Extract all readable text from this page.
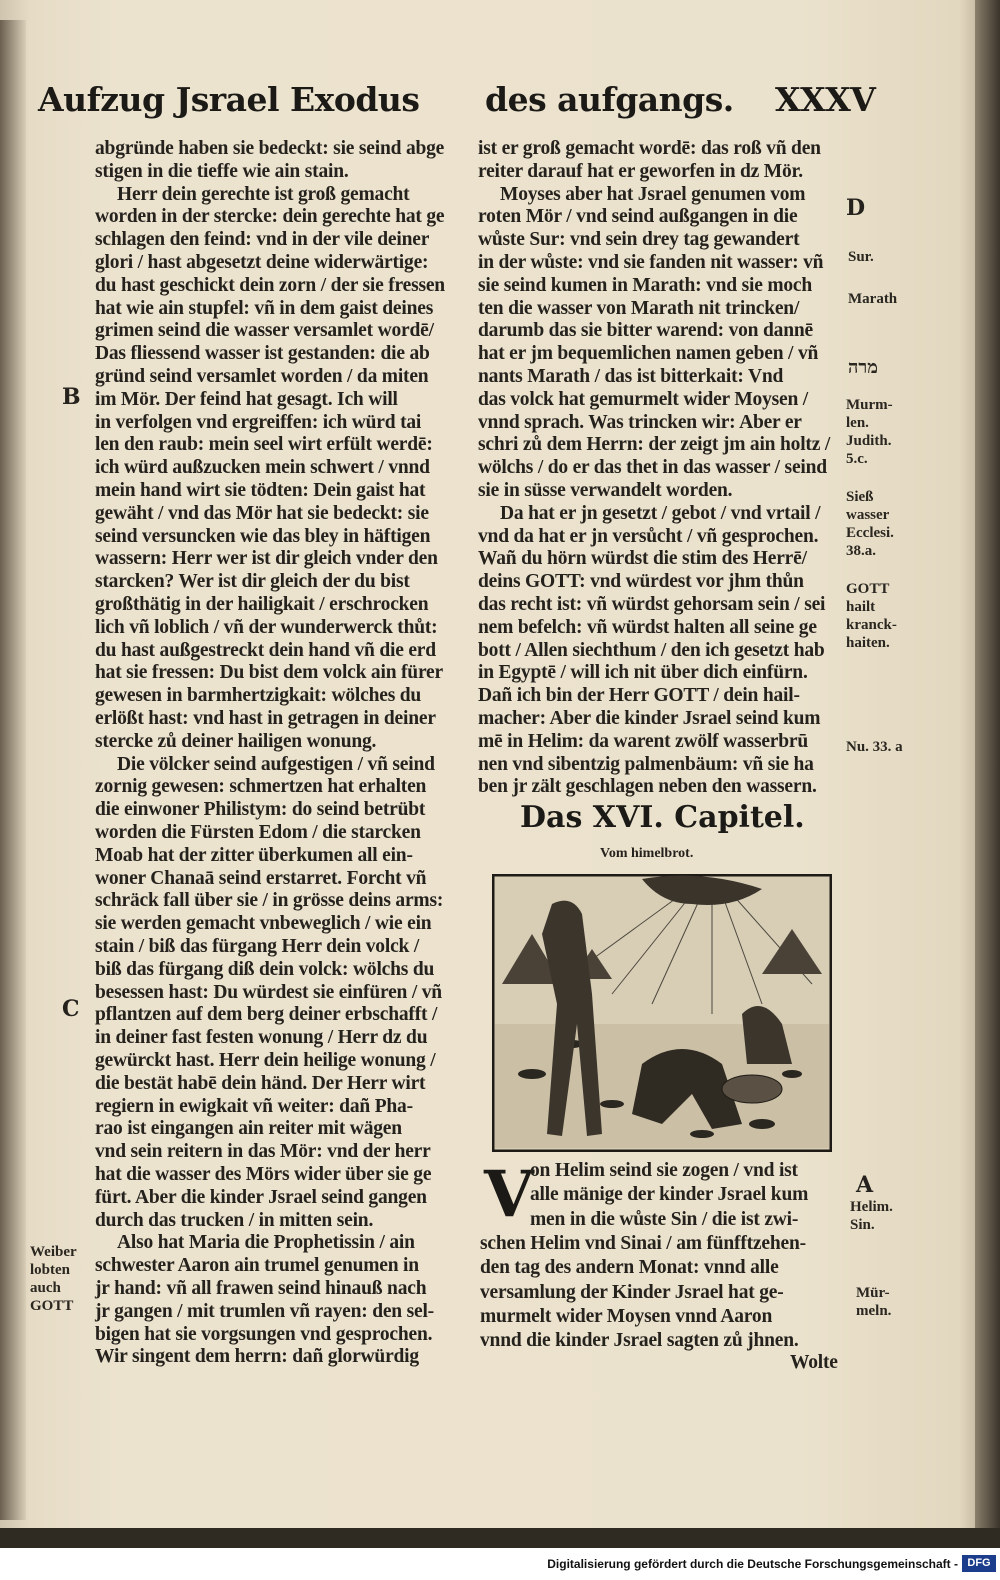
Aufzug Jsrael Exodus des aufgangs. XXXV
abgründe haben sie bedeckt: sie seind abge
stigen in die tieffe wie ain stain.
Herr dein gerechte ist groß gemacht
worden in der stercke: dein gerechte hat ge
schlagen den feind: vnd in der vile deiner
glori / hast abgesetzt deine widerwärtige:
du hast geschickt dein zorn / der sie fressen
hat wie ain stupfel: vñ in dem gaist deines
grimen seind die wasser versamlet wordē/
Das fliessend wasser ist gestanden: die ab
gründ seind versamlet worden / da miten
im Mör. Der feind hat gesagt. Ich will
in verfolgen vnd ergreiffen: ich würd tai
len den raub: mein seel wirt erfült werdē:
ich würd außzucken mein schwert / vnnd
mein hand wirt sie tödten: Dein gaist hat
gewäht / vnd das Mör hat sie bedeckt: sie
seind versuncken wie das bley in häftigen
wassern: Herr wer ist dir gleich vnder den
starcken? Wer ist dir gleich der du bist
großthätig in der hailigkait / erschrocken
lich vñ loblich / vñ der wunderwerck thůt:
du hast außgestreckt dein hand vñ die erd
hat sie fressen: Du bist dem volck ain fürer
gewesen in barmhertzigkait: wölches du
erlößt hast: vnd hast in getragen in deiner
stercke zů deiner hailigen wonung.
Die völcker seind aufgestigen / vñ seind
zornig gewesen: schmertzen hat erhalten
die einwoner Philistym: do seind betrübt
worden die Fürsten Edom / die starcken
Moab hat der zitter überkumen all ein-
woner Chanaā seind erstarret. Forcht vñ
schräck fall über sie / in grösse deins arms:
sie werden gemacht vnbeweglich / wie ein
stain / biß das fürgang Herr dein volck /
biß das fürgang diß dein volck: wölchs du
besessen hast: Du würdest sie einfüren / vñ
pflantzen auf dem berg deiner erbschafft /
in deiner fast festen wonung / Herr dz du
gewürckt hast. Herr dein heilige wonung /
die bestät habē dein händ. Der Herr wirt
regiern in ewigkait vñ weiter: dañ Pha-
rao ist eingangen ain reiter mit wägen
vnd sein reitern in das Mör: vnd der herr
hat die wasser des Mörs wider über sie ge
fürt. Aber die kinder Jsrael seind gangen
durch das trucken / in mitten sein.
Also hat Maria die Prophetissin / ain
schwester Aaron ain trumel genumen in
jr hand: vñ all frawen seind hinauß nach
jr gangen / mit trumlen vñ rayen: den sel-
bigen hat sie vorgsungen vnd gesprochen.
Wir singent dem herrn: dañ glorwürdig
ist er groß gemacht wordē: das roß vñ den
reiter darauf hat er geworfen in dz Mör.
Moyses aber hat Jsrael genumen vom
roten Mör / vnd seind außgangen in die
wůste Sur: vnd sein drey tag gewandert
in der wůste: vnd sie fanden nit wasser: vñ
sie seind kumen in Marath: vnd sie moch
ten die wasser von Marath nit trincken/
darumb das sie bitter warend: von dannē
hat er jm bequemlichen namen geben / vñ
nants Marath / das ist bitterkait: Vnd
das volck hat gemurmelt wider Moysen /
vnnd sprach. Was trincken wir: Aber er
schri zů dem Herrn: der zeigt jm ain holtz /
wölchs / do er das thet in das wasser / seind
sie in süsse verwandelt worden.
Da hat er jn gesetzt / gebot / vnd vrtail /
vnd da hat er jn versůcht / vñ gesprochen.
Wañ du hörn würdst die stim des Herrē/
deins GOTT: vnd würdest vor jhm thůn
das recht ist: vñ würdst gehorsam sein / sei
nem befelch: vñ würdst halten all seine ge
bott / Allen siechthum / den ich gesetzt hab
in Egyptē / will ich nit über dich einfürn.
Dañ ich bin der Herr GOTT / dein hail-
macher: Aber die kinder Jsrael seind kum
mē in Helim: da warent zwölf wasserbrū
nen vnd sibentzig palmenbäum: vñ sie ha
ben jr zält geschlagen neben den wassern.
Das XVI. Capitel.
Vom himelbrot.
V
on Helim seind sie zogen / vnd ist
alle mänige der kinder Jsrael kum
men in die wůste Sin / die ist zwi-
schen Helim vnd Sinai / am fünfftzehen-
den tag des andern Monat: vnnd alle
versamlung der Kinder Jsrael hat ge-
murmelt wider Moysen vnnd Aaron
vnnd die kinder Jsrael sagten zů jhnen.
Wolte
B
C
D
A
Weiber
lobten
auch
GOTT
Sur.
Marath
מרה
Murm-
len.
Judith.
5.c.
Sieß
wasser
Ecclesi.
38.a.
GOTT
hailt
kranck-
haiten.
Nu. 33. a
Helim.
Sin.
Mür-
meln.
Digitalisierung gefördert durch die Deutsche Forschungsgemeinschaft - DFG
